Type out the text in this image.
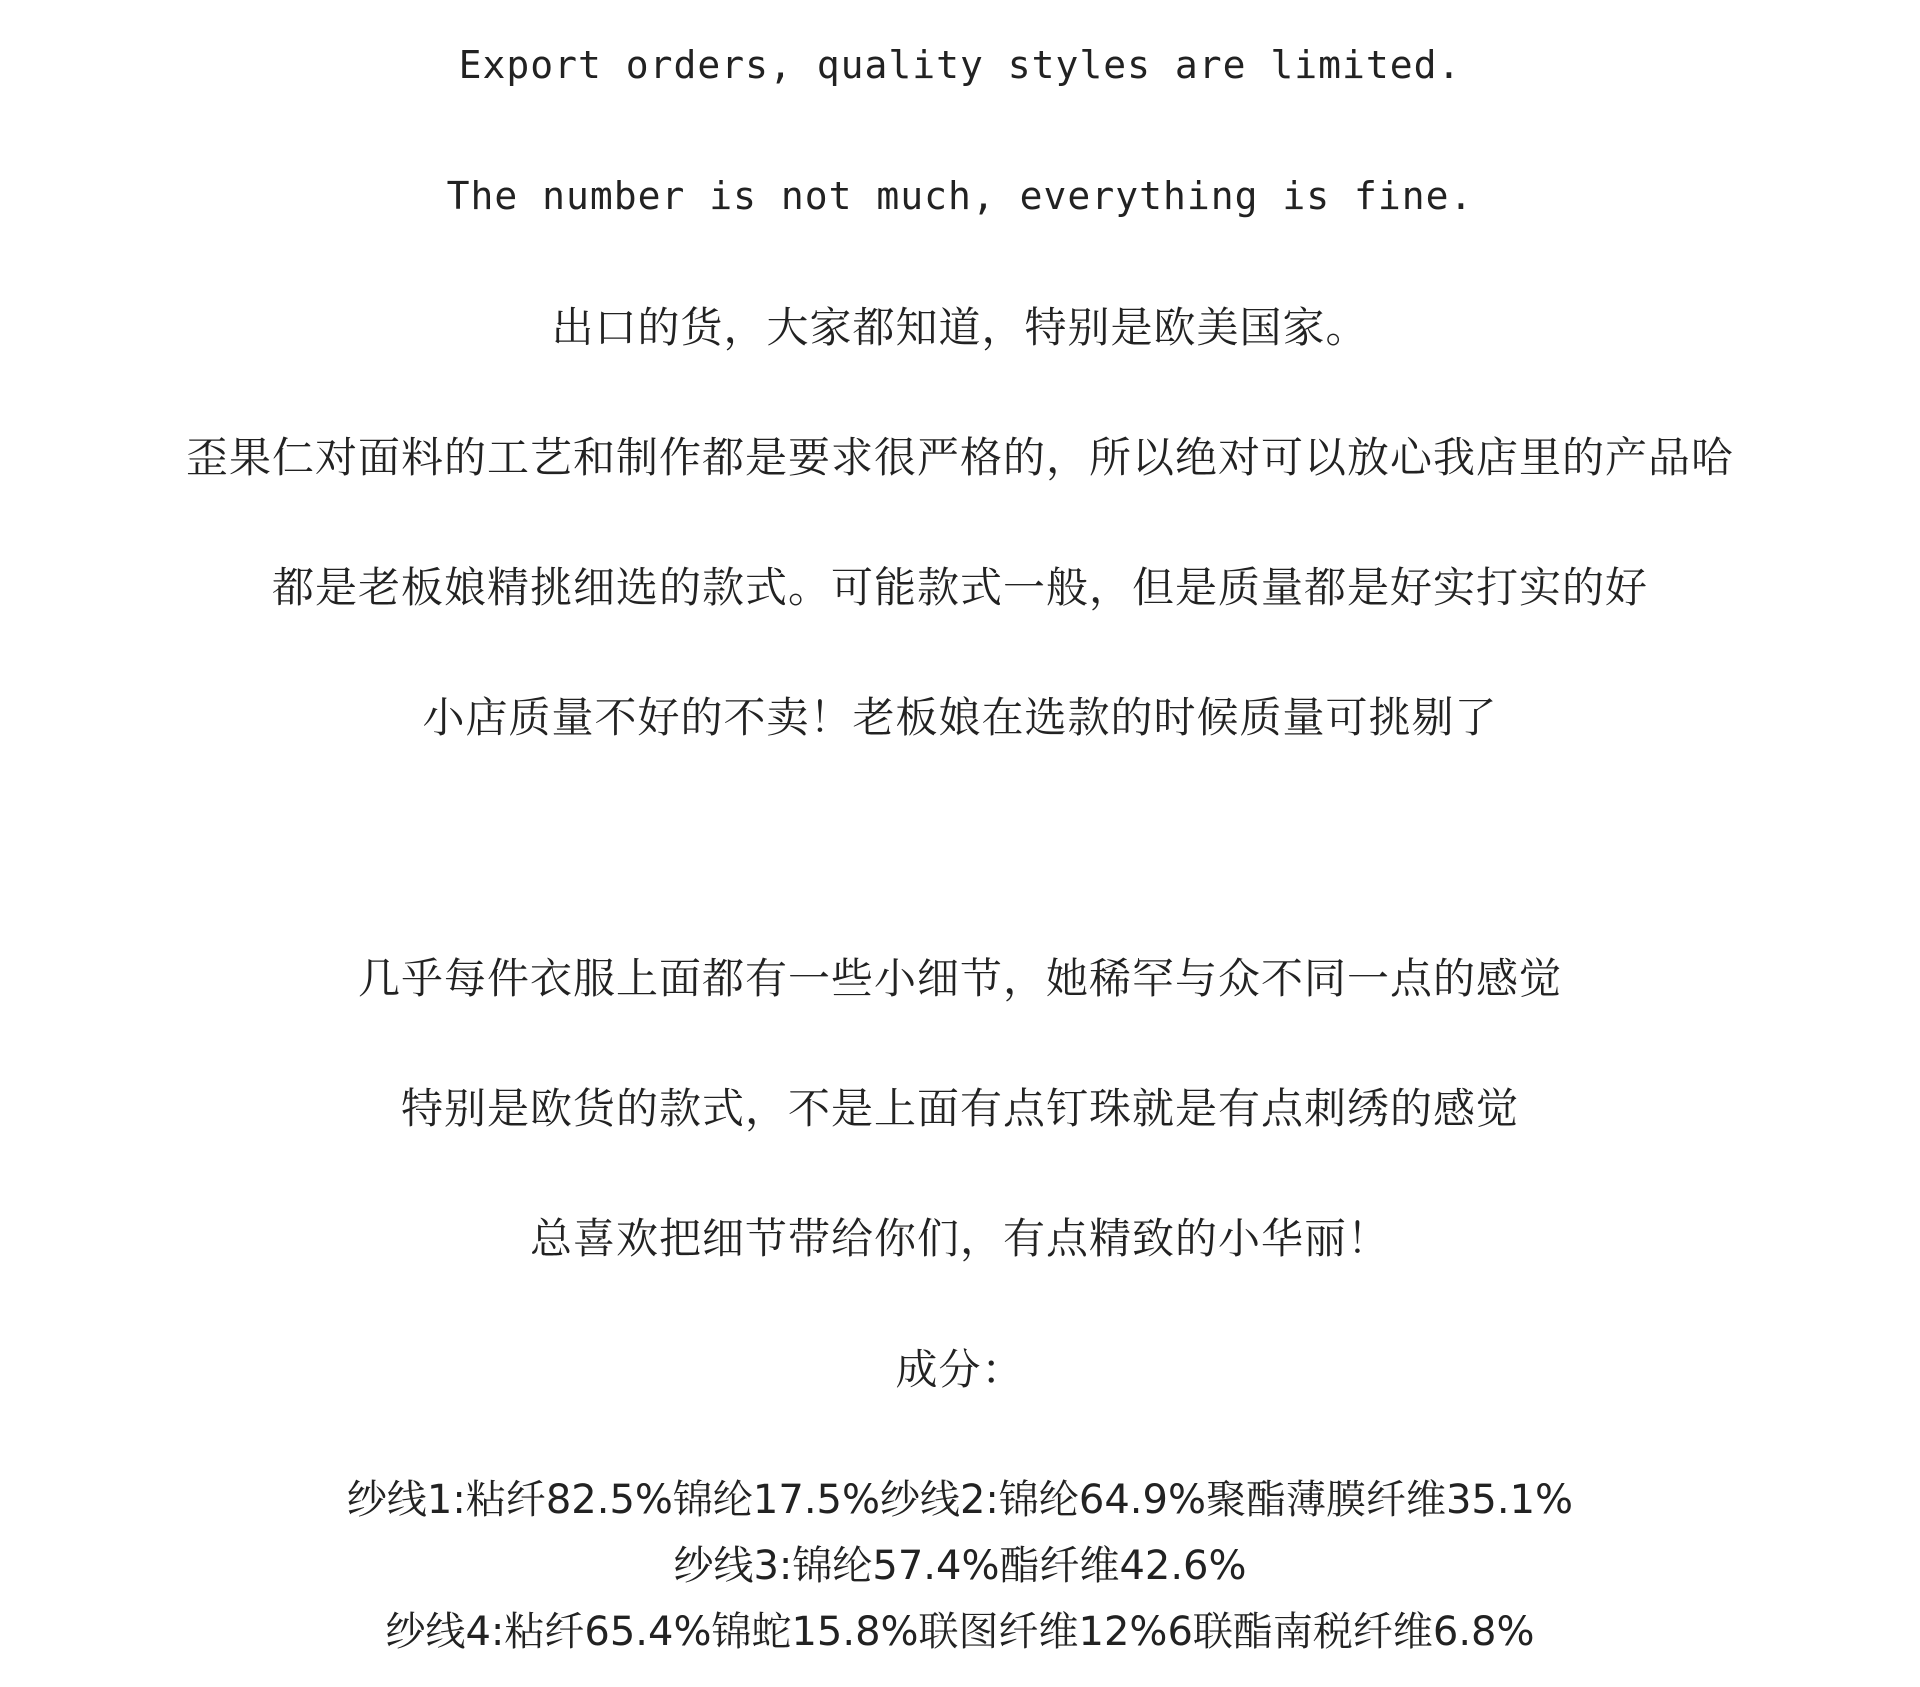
Export orders, quality styles are limited.
The number is not much, everything is fine.
出口的货，大家都知道，特别是欧美国家。
歪果仁对面料的工艺和制作都是要求很严格的，所以绝对可以放心我店里的产品哈
都是老板娘精挑细选的款式。可能款式一般，但是质量都是好实打实的好
小店质量不好的不卖！老板娘在选款的时候质量可挑剔了
几乎每件衣服上面都有一些小细节，她稀罕与众不同一点的感觉
特别是欧货的款式，不是上面有点钉珠就是有点刺绣的感觉
总喜欢把细节带给你们，有点精致的小华丽！
成分：
纱线1:粘纤82.5%锦纶17.5%纱线2:锦纶64.9%聚酯薄膜纤维35.1%
纱线3:锦纶57.4%酯纤维42.6%
纱线4:粘纤65.4%锦蛇15.8%联图纤维12%6联酯南税纤维6.8%
